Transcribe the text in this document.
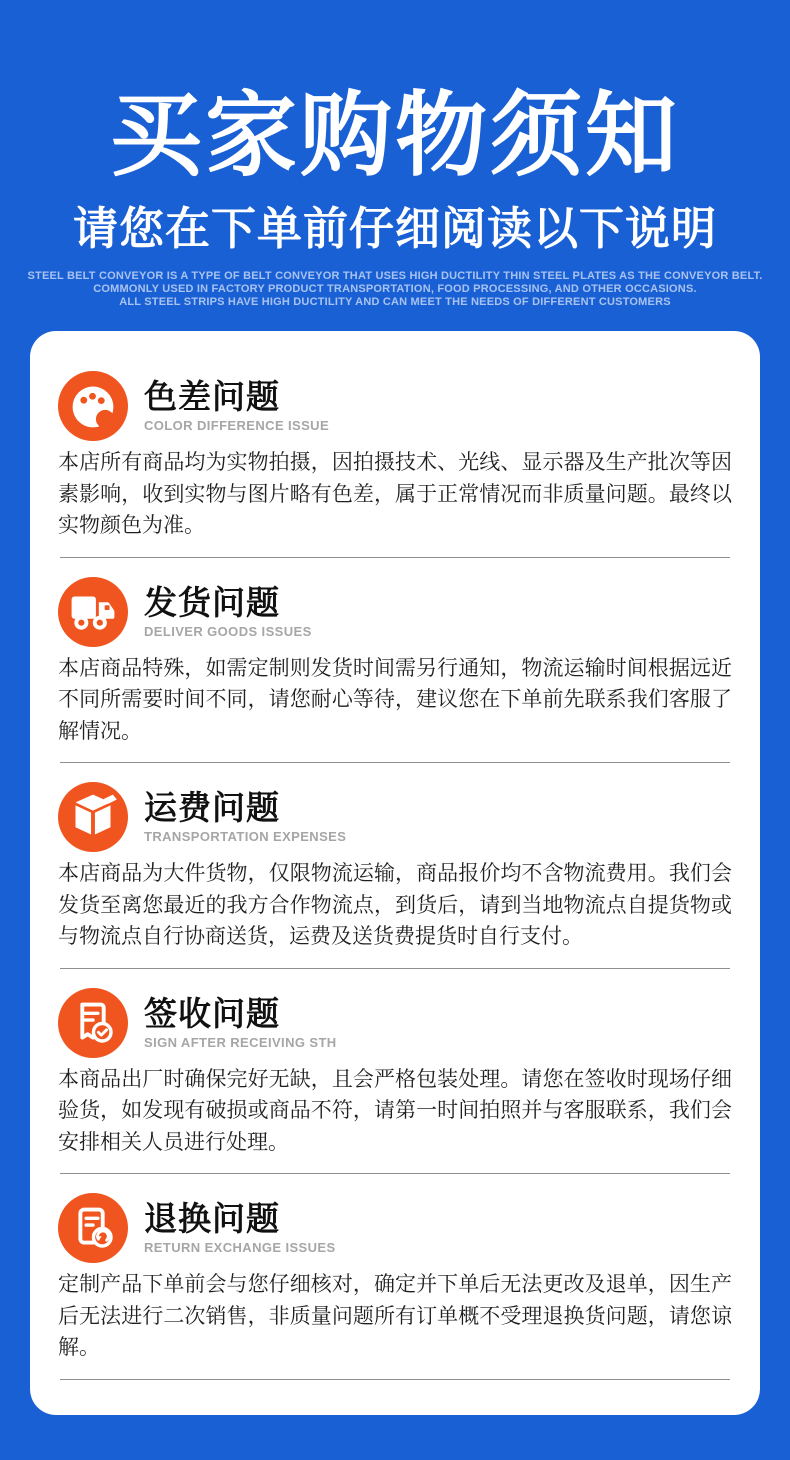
买家购物须知
请您在下单前仔细阅读以下说明
STEEL BELT CONVEYOR IS A TYPE OF BELT CONVEYOR THAT USES HIGH DUCTILITY THIN STEEL PLATES AS THE CONVEYOR BELT.
COMMONLY USED IN FACTORY PRODUCT TRANSPORTATION, FOOD PROCESSING, AND OTHER OCCASIONS.
ALL STEEL STRIPS HAVE HIGH DUCTILITY AND CAN MEET THE NEEDS OF DIFFERENT CUSTOMERS
色差问题
COLOR DIFFERENCE ISSUE

本店所有商品均为实物拍摄，因拍摄技术、光线、显示器及生产批次等因素影响，收到实物与图片略有色差，属于正常情况而非质量问题。最终以实物颜色为准。

发货问题
DELIVER GOODS ISSUES

本店商品特殊，如需定制则发货时间需另行通知，物流运输时间根据远近不同所需要时间不同，请您耐心等待，建议您在下单前先联系我们客服了解情况。

运费问题
TRANSPORTATION EXPENSES

本店商品为大件货物，仅限物流运输，商品报价均不含物流费用。我们会发货至离您最近的我方合作物流点，到货后，请到当地物流点自提货物或与物流点自行协商送货，运费及送货费提货时自行支付。

签收问题
SIGN AFTER RECEIVING STH

本商品出厂时确保完好无缺，且会严格包装处理。请您在签收时现场仔细验货，如发现有破损或商品不符，请第一时间拍照并与客服联系，我们会安排相关人员进行处理。

退换问题
RETURN EXCHANGE ISSUES

定制产品下单前会与您仔细核对，确定并下单后无法更改及退单，因生产后无法进行二次销售，非质量问题所有订单概不受理退换货问题，请您谅解。
